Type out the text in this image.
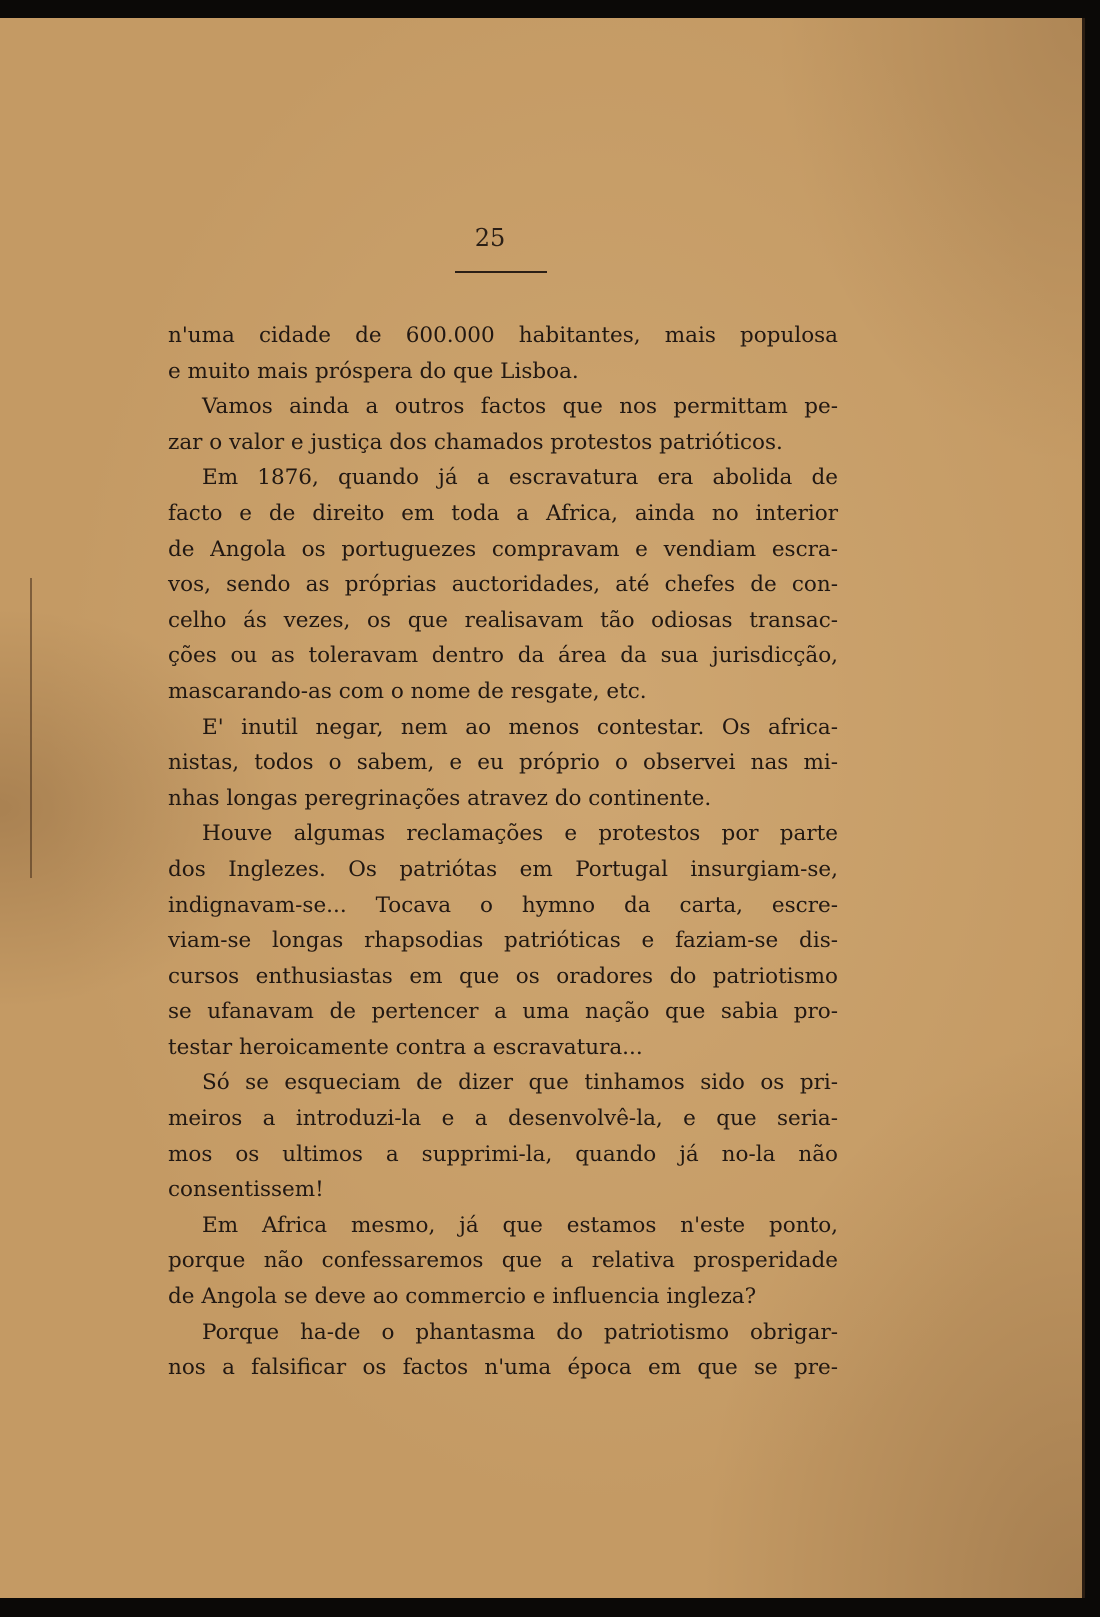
25
n'uma cidade de 600.000 habitantes, mais populosa
e muito mais próspera do que Lisboa.
Vamos ainda a outros factos que nos permittam pe-
zar o valor e justiça dos chamados protestos patrióticos.
Em 1876, quando já a escravatura era abolida de
facto e de direito em toda a Africa, ainda no interior
de Angola os portuguezes compravam e vendiam escra-
vos, sendo as próprias auctoridades, até chefes de con-
celho ás vezes, os que realisavam tão odiosas transac-
ções ou as toleravam dentro da área da sua jurisdicção,
mascarando-as com o nome de resgate, etc.
E' inutil negar, nem ao menos contestar. Os africa-
nistas, todos o sabem, e eu próprio o observei nas mi-
nhas longas peregrinações atravez do continente.
Houve algumas reclamações e protestos por parte
dos Inglezes. Os patriótas em Portugal insurgiam-se,
indignavam-se... Tocava o hymno da carta, escre-
viam-se longas rhapsodias patrióticas e faziam-se dis-
cursos enthusiastas em que os oradores do patriotismo
se ufanavam de pertencer a uma nação que sabia pro-
testar heroicamente contra a escravatura...
Só se esqueciam de dizer que tinhamos sido os pri-
meiros a introduzi-la e a desenvolvê-la, e que seria-
mos os ultimos a supprimi-la, quando já no-la não
consentissem!
Em Africa mesmo, já que estamos n'este ponto,
porque não confessaremos que a relativa prosperidade
de Angola se deve ao commercio e influencia ingleza?
Porque ha-de o phantasma do patriotismo obrigar-
nos a falsificar os factos n'uma época em que se pre-
